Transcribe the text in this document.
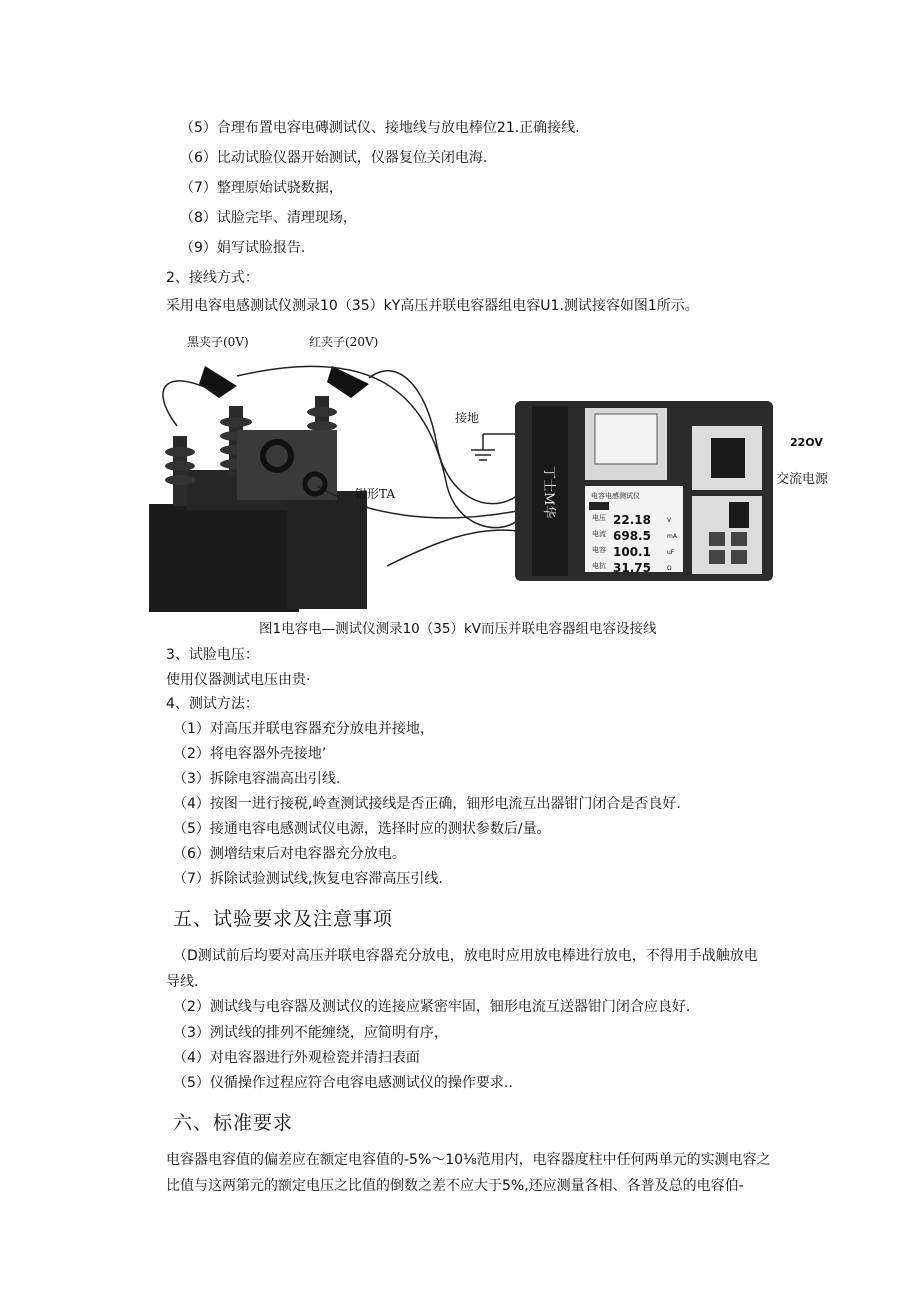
（5）合理布置电容电磚测试仪、接地线与放电棒位21.正确接线.
（6）比动试脸仪器开始测试，仪器复位关闭电海.
（7）整理原始试骁数据，
（8）试脸完毕、清理现场，
（9）娟写试脸报告.
2、接线方式：
采用电容电感测试仪测录10（35）kY高压并联电容器组电容U1.测试接容如图1所示。
丁士M华	电容电感测试仪
电压 22.18	V
电流 698.5	mA
电容 100.1	uF
电抗 31.75	Ω
黑夹子(0V)	红夹子(20V)
接地
钳形TA
22OV
交流电源
图1电容电—测试仪测录10（35）kV而压并联电容器组电容设接线
3、试脸电压：
使用仪器测试电压由贵·
4、测试方法：
（1）对高压并联电容器充分放电并接地，
（2）将电容器外壳接地’
（3）拆除电容湍高出引线.
（4）按图一进行接税,岭查测试接线是否正确，钿形电流互出器钳门闭合是否良好.
（5）接通电容电感测试仪电源，选择时应的测状参数后/量。
（6）测增结束后对电容器充分放电。
（7）拆除试验测试线,恢复电容滞高压引线.
五、试验要求及注意事项
（D测试前后均要对高压并联电容器充分放电，放电时应用放电棒进行放电，不得用手战触放电
导线.
（2）测试线与电容器及测试仪的连接应紧密牢固，钿形电流互送器钳门闭合应良好.
（3）洌试线的排列不能缠绕，应简明有序，
（4）对电容器进行外观检瓷并清扫表面
（5）仪循操作过程应符合电容电感测试仪的操作要求..
六、标准要求
电容器电容值的偏差应在额定电容值的-5%～10⅛范用内，电容器度柱中任何两单元的实测电容之
比值与这两第元的额定电压之比值的倒数之差不应大于5%,还应测量各相、各普及总的电容伯-
